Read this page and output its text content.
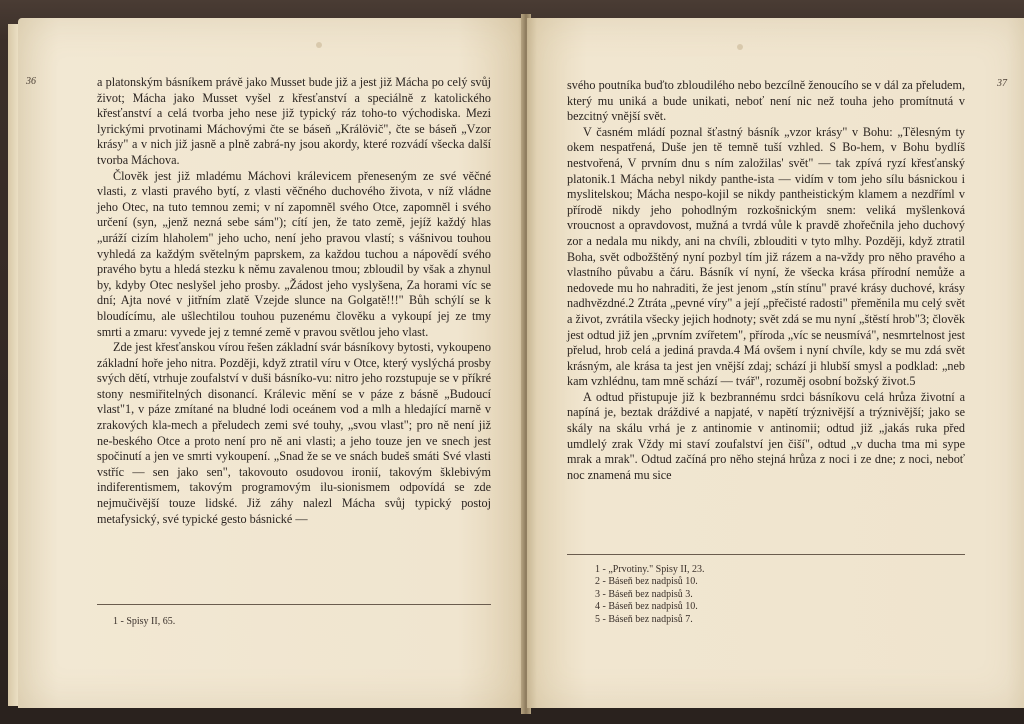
36	a platonským básníkem právě jako Musset bude již a jest již Mácha po celý svůj život; Mácha jako Musset vyšel z křesťanství a speciálně z katolického křesťanství a celá tvorba jeho nese již typický ráz toho-to východiska. Mezi lyrickými prvotinami Máchovými čte se báseň „Králövič", čte se báseň „Vzor krásy" a v nich již jasně a plně zabrá-ny jsou akordy, které rozvádí všecka další tvorba Máchova.

Člověk jest již mladému Máchovi králevicem přeneseným ze své věčné vlasti, z vlasti pravého bytí, z vlasti věčného duchového života, v níž vládne jeho Otec, na tuto temnou zemi; v ní zapomněl svého Otce, zapomněl i svého určení (syn, „jenž nezná sebe sám"); cítí jen, že tato země, jejíž každý hlas „uráží cizím hlaholem" jeho ucho, není jeho pravou vlastí; s vášnivou touhou vyhledá za každým světelným paprskem, za každou tuchou a nápovědí svého pravého bytu a hledá stezku k němu zavalenou tmou; zbloudil by však a zhynul by, kdyby Otec neslyšel jeho prosby. „Žádost jeho vyslyšena, Za horami víc se dní; Ajta nové v jitřním zlatě Vzejde slunce na Golgatě!!!" Bůh schýlí se k bloudícímu, ale ušlechtilou touhou puzenému člověku a vykoupí jej ze tmy smrti a zmaru: vyvede jej z temné země v pravou světlou jeho vlast.

Zde jest křesťanskou vírou řešen základní svár básníkovy bytosti, vykoupeno základní hoře jeho nitra. Později, když ztratil víru v Otce, který vyslýchá prosby svých dětí, vtrhuje zoufalství v duši básníko-vu: nitro jeho rozstupuje se v příkré stony nesmiřitelných disonancí. Králevic mění se v páze z básně „Budoucí vlast"1, v páze zmítané na bludné lodi oceánem vod a mlh a hledající marně v zrakových kla-mech a přeludech zemi své touhy, „svou vlast"; pro ně není již ne-beského Otce a proto není pro ně ani vlasti; a jeho touze jen ve snech jest spočinutí a jen ve smrti vykoupení. „Snad že se ve snách budeš smáti Své vlasti vstříc — sen jako sen", takovouto osudovou ironií, takovým šklebivým indiferentismem, takovým programovým ilu-sionismem odpovídá se zde nejmučivější touze lidské. Již záhy nalezl Mácha svůj typický postoj metafysický, své typické gesto básnické —

1 - Spisy II, 65.
37

svého poutníka buďto zbloudilého nebo bezcílně ženoucího se v dál za přeludem, který mu uniká a bude unikati, neboť není nic než touha jeho promítnutá v bezcitný vnější svět.

V časném mládí poznal šťastný básník „vzor krásy" v Bohu: „Tělesným ty okem nespatřená, Duše jen tě temně tuší vzhled. S Bo-hem, v Bohu bydlíš nestvořená, V prvním dnu s ním založilas' svět" — tak zpívá ryzí křesťanský platonik.1 Mácha nebyl nikdy panthe-ista — vidím v tom jeho sílu básnickou i myslitelskou; Mácha nespo-kojil se nikdy pantheistickým klamem a nezdříml v přírodě nikdy jeho pohodlným rozkošnickým snem: veliká myšlenková vroucnost a opravdovost, mužná a tvrdá vůle k pravdě zhořečnila jeho duchový zor a nedala mu nikdy, ani na chvíli, zblouditi v tyto mlhy. Později, když ztratil Boha, svět odbožštěný nyní pozbyl tím již rázem a na-vždy pro něho pravého a vlastního půvabu a čáru. Básník ví nyní, že všecka krása přírodní nemůže a nedovede mu ho nahraditi, že jest jenom „stín stínu" pravé krásy duchové, krásy nadhvězdné.2 Ztráta „pevné víry" a její „přečisté radosti" přeměnila mu celý svět a život, zvrátila všecky jejich hodnoty; svět zdá se mu nyní „štěstí hrob"3; člověk jest odtud již jen „prvním zvířetem", příroda „víc se neusmívá", nesmrtelnost jest přelud, hrob celá a jediná pravda.4 Má ovšem i nyní chvíle, kdy se mu zdá svět krásným, ale krása ta jest jen vnější zdaj; schází ji hlubší smysl a podklad: „neb kam vzhlédnu, tam mně schází — tvář", rozuměj osobní božský život.5

A odtud přistupuje již k bezbrannému srdci básníkovu celá hrůza životní a napíná je, beztak dráždivé a napjaté, v napětí trýznivější a trýznivější; jako se skály na skálu vrhá je z antinomie v antinomii; odtud již „jakás ruka před umdlelý zrak Vždy mi staví zoufalství jen čiší", odtud „v ducha tma mi sype mrak a mrak". Odtud začíná pro něho stejná hrůza z noci i ze dne; z noci, neboť noc znamená mu sice

1 - „Prvotiny." Spisy II, 23.
2 - Báseň bez nadpisů 10.
3 - Báseň bez nadpisů 3.
4 - Báseň bez nadpisů 10.
5 - Báseň bez nadpisů 7.
